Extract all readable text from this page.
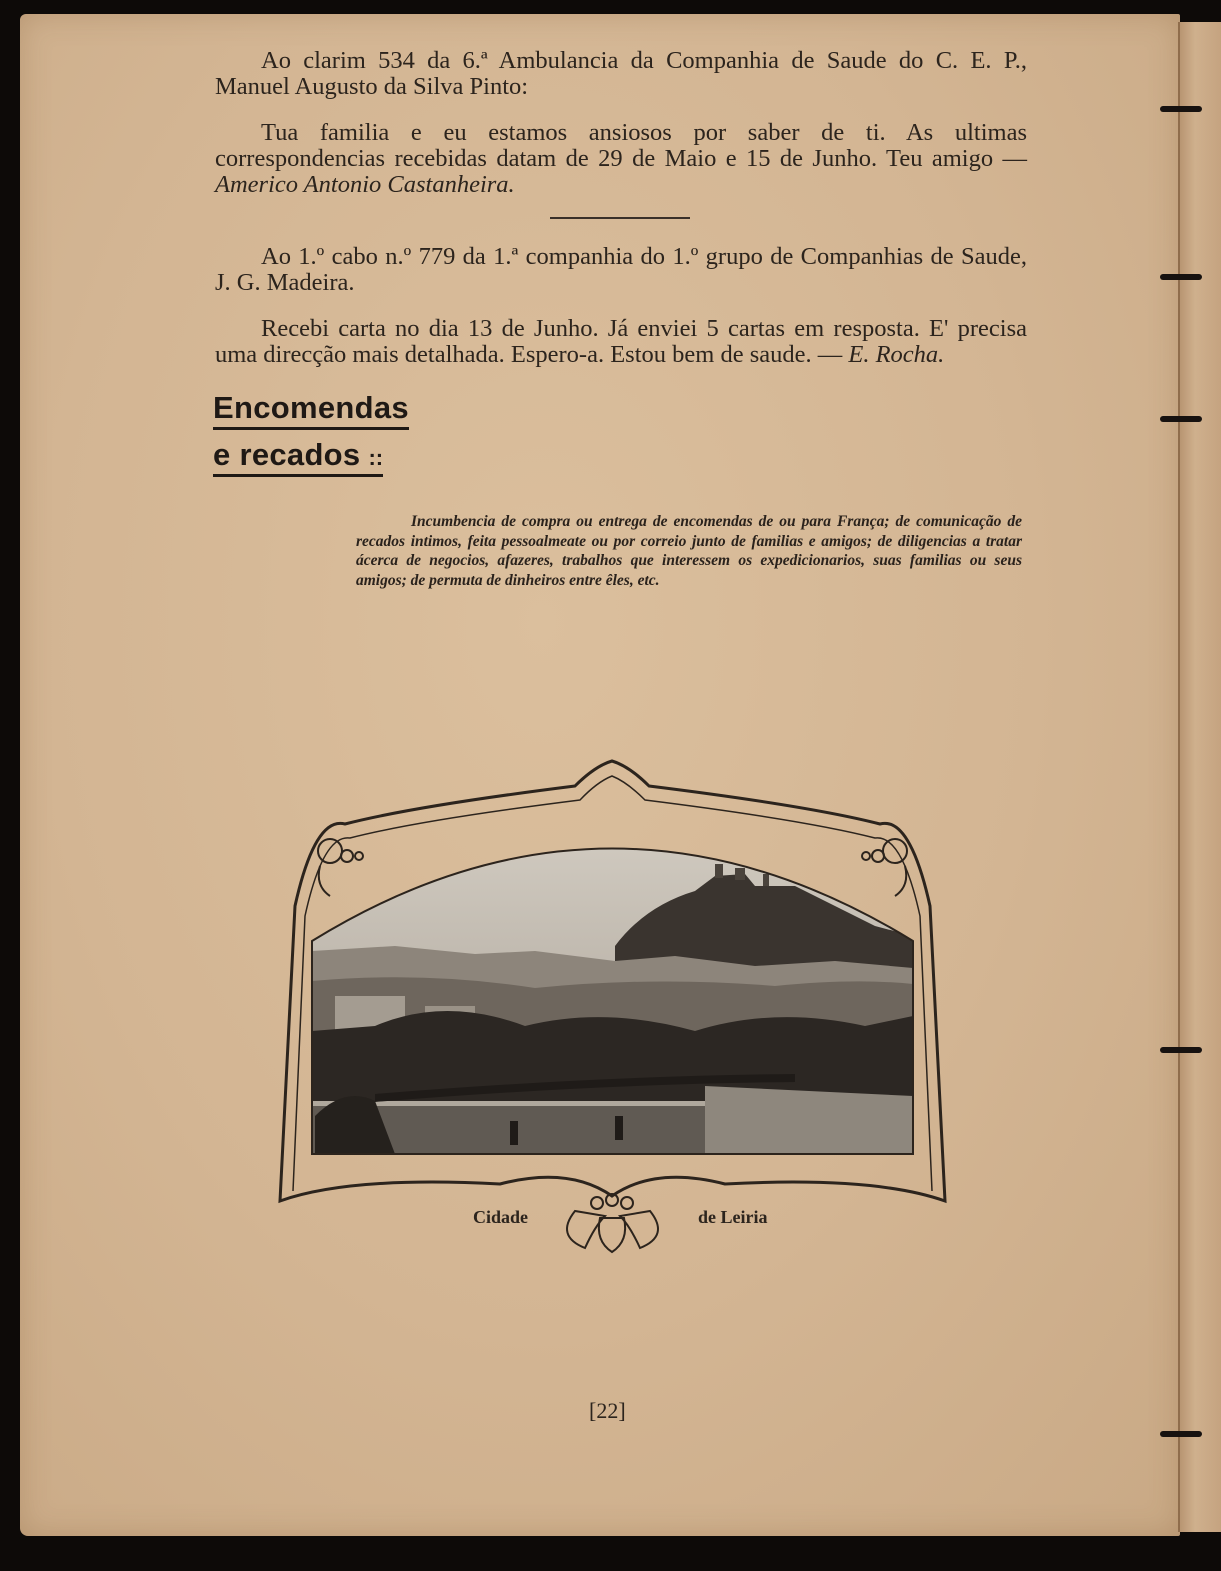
Ao clarim 534 da 6.ª Ambulancia da Companhia de Saude do C. E. P., Manuel Augusto da Silva Pinto:

Tua familia e eu estamos ansiosos por saber de ti. As ultimas correspondencias recebidas datam de 29 de Maio e 15 de Junho. Teu amigo — Americo Antonio Castanheira.

Ao 1.º cabo n.º 779 da 1.ª companhia do 1.º grupo de Companhias de Saude, J. G. Madeira.

Recebi carta no dia 13 de Junho. Já enviei 5 cartas em resposta. E' precisa uma direcção mais detalhada. Espero-a. Estou bem de saude. — E. Rocha.

Encomendas
e recados ::

Incumbencia de compra ou entrega de encomendas de ou para França; de comunicação de recados intimos, feita pessoalmeate ou por correio junto de familias e amigos; de diligencias a tratar ácerca de negocios, afazeres, trabalhos que interessem os expedicionarios, suas familias ou seus amigos; de permuta de dinheiros entre êles, etc.

Cidade	de Leiria
[22]
